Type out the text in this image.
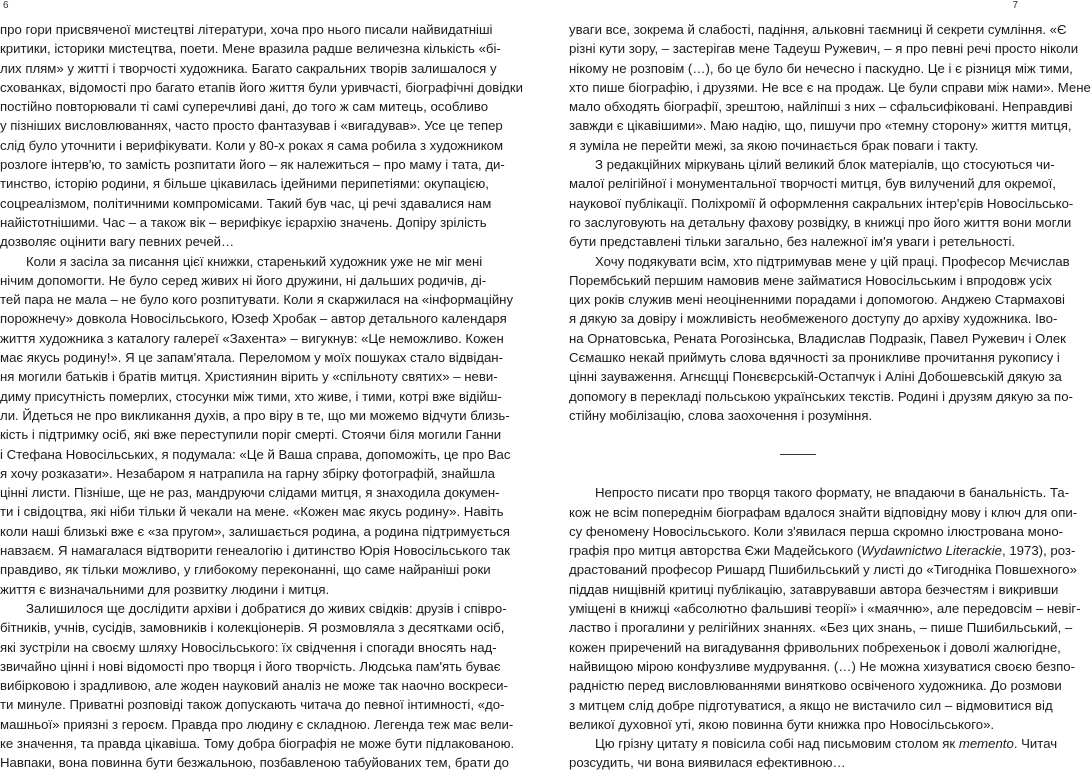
6
про гори присвяченої мистецтві літератури, хоча про нього писали найвидатніші
критики, історики мистецтва, поети. Мене вразила радше величезна кількість «бі-
лих плям» у житті і творчості художника. Багато сакральних творів залишалося у
схованках, відомості про багато етапів його життя були уривчасті, біографічні довідки
постійно повторювали ті самі суперечливі дані, до того ж сам митець, особливо
у пізніших висловлюваннях, часто просто фантазував і «вигадував». Усе це тепер
слід було уточнити і верифікувати. Коли у 80-х роках я сама робила з художником
розлоге інтерв'ю, то замість розпитати його – як належиться – про маму і тата, ди-
тинство, історію родини, я більше цікавилась ідейними перипетіями: окупацією,
соцреалізмом, політичними компромісами. Такий був час, ці речі здавалися нам
найістотнішими. Час – а також вік – верифікує ієрархію значень. Допіру зрілість
дозволяє оцінити вагу певних речей…
Коли я засіла за писання цієї книжки, старенький художник уже не міг мені
нічим допомогти. Не було серед живих ні його дружини, ні дальших родичів, ді-
тей пара не мала – не було кого розпитувати. Коли я скаржилася на «інформаційну
порожнечу» довкола Новосільського, Юзеф Хробак – автор детального календаря
життя художника з каталогу галереї «Захента» – вигукнув: «Це неможливо. Кожен
має якусь родину!». Я це запам'ятала. Переломом у моїх пошуках стало відвідан-
ня могили батьків і братів митця. Християнин вірить у «спільноту святих» – неви-
диму присутність померлих, стосунки між тими, хто живе, і тими, котрі вже відійш-
ли. Йдеться не про викликання духів, а про віру в те, що ми можемо відчути близь-
кість і підтримку осіб, які вже переступили поріг смерті. Стоячи біля могили Ганни
і Стефана Новосільських, я подумала: «Це й Ваша справа, допоможіть, це про Вас
я хочу розказати». Незабаром я натрапила на гарну збірку фотографій, знайшла
цінні листи. Пізніше, ще не раз, мандруючи слідами митця, я знаходила докумен-
ти і свідоцтва, які ніби тільки й чекали на мене. «Кожен має якусь родину». Навіть
коли наші близькі вже є «за пругом», залишається родина, а родина підтримується
навзаєм. Я намагалася відтворити генеалогію і дитинство Юрія Новосільського так
правдиво, як тільки можливо, у глибокому переконанні, що саме найраніші роки
життя є визначальними для розвитку людини і митця.
Залишилося ще дослідити архіви і добратися до живих свідків: друзів і співро-
бітників, учнів, сусідів, замовників і колекціонерів. Я розмовляла з десятками осіб,
які зустріли на своєму шляху Новосільського: їх свідчення і спогади вносять над-
звичайно цінні і нові відомості про творця і його творчість. Людська пам'ять буває
вибірковою і зрадливою, але жоден науковий аналіз не може так наочно воскреси-
ти минуле. Приватні розповіді також допускають читача до певної інтимності, «до-
машньої» приязні з героєм. Правда про людину є складною. Легенда теж має вели-
ке значення, та правда цікавіша. Тому добра біографія не може бути підлакованою.
Навпаки, вона повинна бути безжальною, позбавленою табуйованих тем, брати до
7
уваги все, зокрема й слабості, падіння, альковні таємниці й секрети сумління. «Є
різні кути зору, – застерігав мене Тадеуш Ружевич, – я про певні речі просто ніколи
нікому не розповім (…), бо це було би нечесно і паскудно. Це і є різниця між тими,
хто пише біографію, і друзями. Не все є на продаж. Це були справи між нами». Мене
мало обходять біографії, зрештою, найліпші з них – сфальсифіковані. Неправдиві
завжди є цікавішими». Маю надію, що, пишучи про «темну сторону» життя митця,
я зуміла не перейти межі, за якою починається брак поваги і такту.
З редакційних міркувань цілий великий блок матеріалів, що стосуються чи-
малої релігійної і монументальної творчості митця, був вилучений для окремої,
наукової публікації. Поліхромії й оформлення сакральних інтер'єрів Новосільсько-
го заслуговують на детальну фахову розвідку, в книжці про його життя вони могли
бути представлені тільки загально, без належної ім'я уваги і ретельності.
Хочу подякувати всім, хто підтримував мене у цій праці. Професор Мєчислав
Порембський першим намовив мене займатися Новосільським і впродовж усіх
цих років служив мені неоціненними порадами і допомогою. Анджею Стармахові
я дякую за довіру і можливість необмеженого доступу до архіву художника. Іво-
на Орнатовська, Рената Рогозінська, Владислав Подразік, Павел Ружевич і Олек
Сємашко некай приймуть слова вдячності за проникливе прочитання рукопису і
цінні зауваження. Агнєщці Понєвєрській-Остапчук і Аліні Добошевській дякую за
допомогу в перекладі польською українських текстів. Родині і друзям дякую за по-
стійну мобілізацію, слова заохочення і розуміння.
Непросто писати про творця такого формату, не впадаючи в банальність. Та-
кож не всім попереднім біографам вдалося знайти відповідну мову і ключ для опи-
су феномену Новосільського. Коли з'явилася перша скромно ілюстрована моно-
графія про митця авторства Єжи Мадейського (Wydawnictwo Literackie, 1973), роз-
драстований професор Ришард Пшибильський у листі до «Тигодніка Повшехного»
піддав нищівній критиці публікацію, затаврувавши автора безчестям і викривши
уміщені в книжці «абсолютно фальшиві теорії» і «маячню», але передовсім – невіг-
ластво і прогалини у релігійних знаннях. «Без цих знань, – пише Пшибильський, –
кожен приречений на вигадування фривольних побрехеньок і доволі жалюгідне,
найвищою мірою конфузливе мудрування. (…) Не можна хизуватися своєю безпо-
радністю перед висловлюваннями винятково освіченого художника. До розмови
з митцем слід добре підготуватися, а якщо не вистачило сил – відмовитися від
великої духовної уті, якою повинна бути книжка про Новосільського».
Цю грізну цитату я повісила собі над письмовим столом як memento. Читач
розсудить, чи вона виявилася ефективною…
